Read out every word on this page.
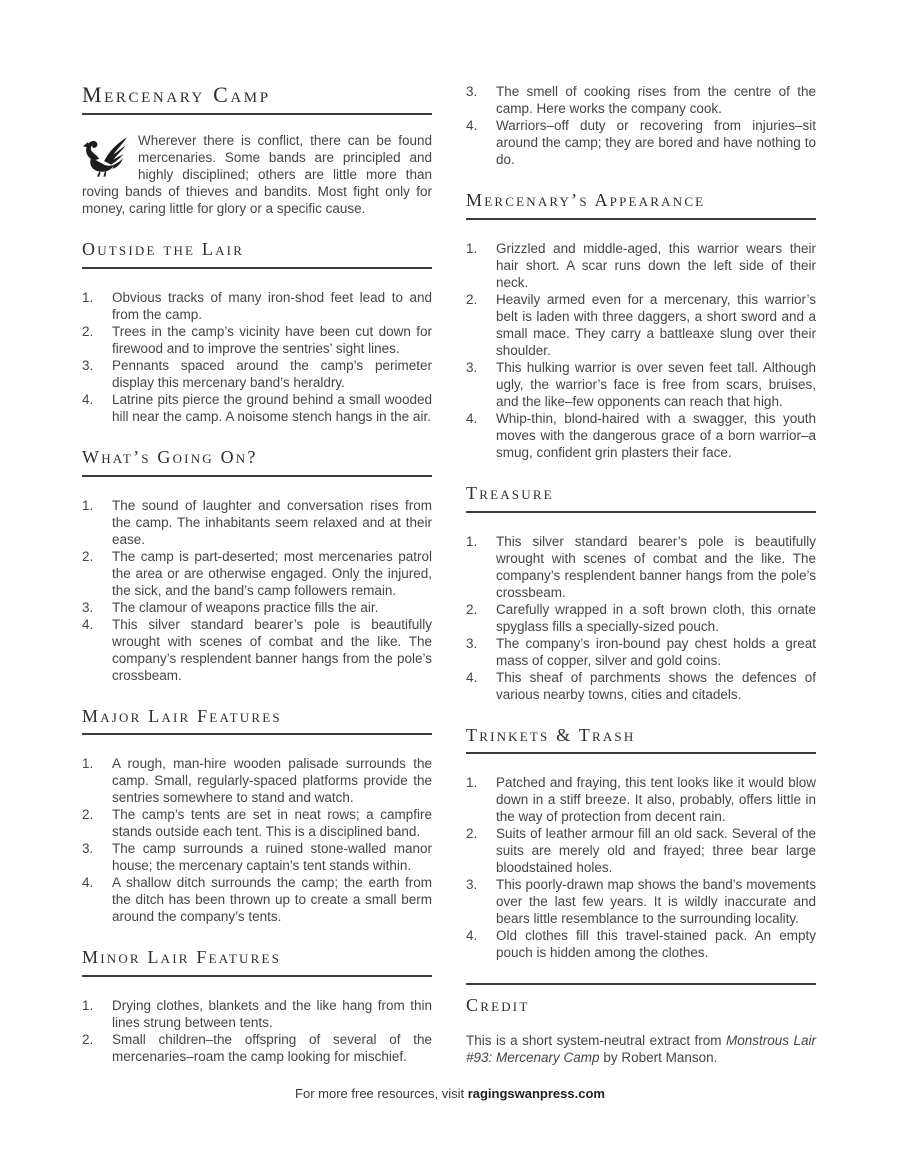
Mercenary Camp

Wherever there is conflict, there can be found mercenaries. Some bands are principled and highly disciplined; others are little more than roving bands of thieves and bandits. Most fight only for money, caring little for glory or a specific cause.

Outside the Lair
1.	Obvious tracks of many iron-shod feet lead to and from the camp.
2.	Trees in the camp’s vicinity have been cut down for firewood and to improve the sentries’ sight lines.
3.	Pennants spaced around the camp’s perimeter display this mercenary band’s heraldry.
4.	Latrine pits pierce the ground behind a small wooded hill near the camp. A noisome stench hangs in the air.
What’s Going On?
1.	The sound of laughter and conversation rises from the camp. The inhabitants seem relaxed and at their ease.
2.	The camp is part-deserted; most mercenaries patrol the area or are otherwise engaged. Only the injured, the sick, and the band’s camp followers remain.
3.	The clamour of weapons practice fills the air.
4.	This silver standard bearer’s pole is beautifully wrought with scenes of combat and the like. The company’s resplendent banner hangs from the pole’s crossbeam.
Major Lair Features
1.	A rough, man-hire wooden palisade surrounds the camp. Small, regularly-spaced platforms provide the sentries somewhere to stand and watch.
2.	The camp’s tents are set in neat rows; a campfire stands outside each tent. This is a disciplined band.
3.	The camp surrounds a ruined stone-walled manor house; the mercenary captain’s tent stands within.
4.	A shallow ditch surrounds the camp; the earth from the ditch has been thrown up to create a small berm around the company’s tents.
Minor Lair Features
1.	Drying clothes, blankets and the like hang from thin lines strung between tents.
2.	Small children–the offspring of several of the mercenaries–roam the camp looking for mischief.
3.	The smell of cooking rises from the centre of the camp. Here works the company cook.
4.	Warriors–off duty or recovering from injuries–sit around the camp; they are bored and have nothing to do.
Mercenary’s Appearance
1.	Grizzled and middle-aged, this warrior wears their hair short. A scar runs down the left side of their neck.
2.	Heavily armed even for a mercenary, this warrior’s belt is laden with three daggers, a short sword and a small mace. They carry a battleaxe slung over their shoulder.
3.	This hulking warrior is over seven feet tall. Although ugly, the warrior’s face is free from scars, bruises, and the like–few opponents can reach that high.
4.	Whip-thin, blond-haired with a swagger, this youth moves with the dangerous grace of a born warrior–a smug, confident grin plasters their face.
Treasure
1.	This silver standard bearer’s pole is beautifully wrought with scenes of combat and the like. The company’s resplendent banner hangs from the pole’s crossbeam.
2.	Carefully wrapped in a soft brown cloth, this ornate spyglass fills a specially-sized pouch.
3.	The company’s iron-bound pay chest holds a great mass of copper, silver and gold coins.
4.	This sheaf of parchments shows the defences of various nearby towns, cities and citadels.
Trinkets & Trash
1.	Patched and fraying, this tent looks like it would blow down in a stiff breeze. It also, probably, offers little in the way of protection from decent rain.
2.	Suits of leather armour fill an old sack. Several of the suits are merely old and frayed; three bear large bloodstained holes.
3.	This poorly-drawn map shows the band’s movements over the last few years. It is wildly inaccurate and bears little resemblance to the surrounding locality.
4.	Old clothes fill this travel-stained pack. An empty pouch is hidden among the clothes.
Credit

This is a short system-neutral extract from Monstrous Lair #93: Mercenary Camp by Robert Manson.

For more free resources, visit ragingswanpress.com
